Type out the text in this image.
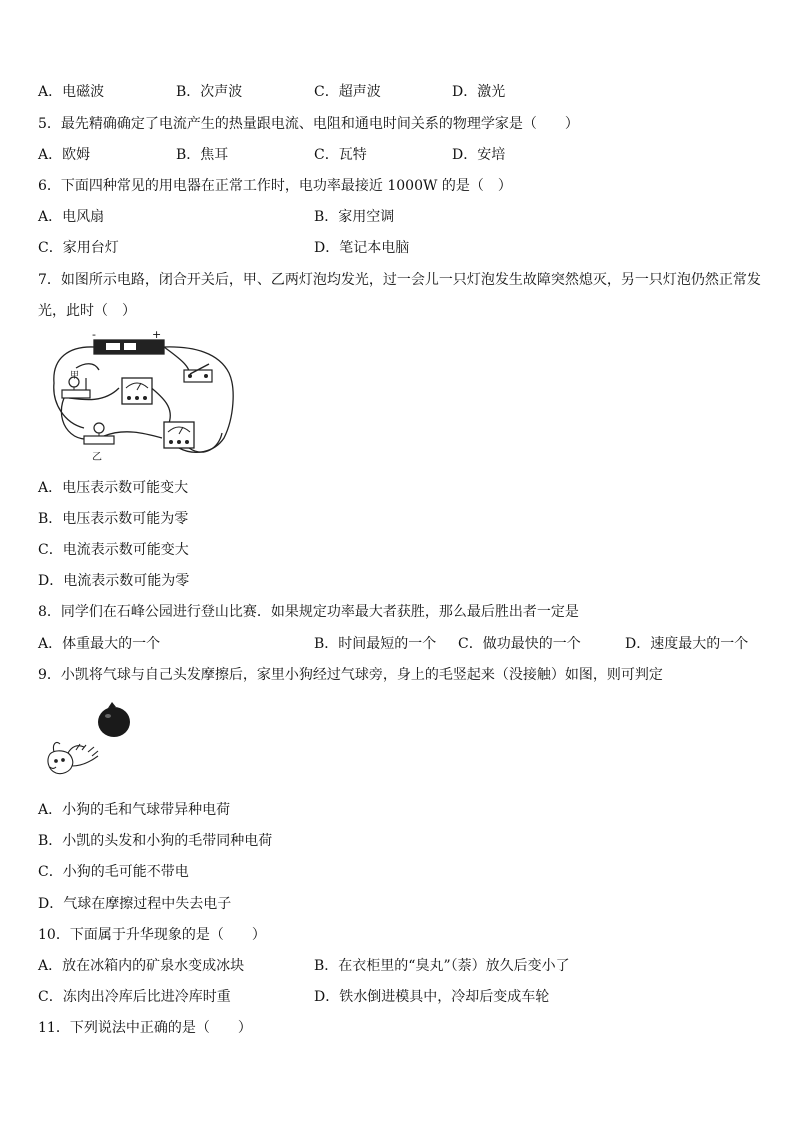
A．电磁波	B．次声波	C．超声波	D．激光
5．最先精确确定了电流产生的热量跟电流、电阻和通电时间关系的物理学家是（　　）
A．欧姆	B．焦耳	C．瓦特	D．安培
6．下面四种常见的用电器在正常工作时，电功率最接近 1000W 的是（　）
A．电风扇	B．家用空调
C．家用台灯	D．笔记本电脑
7．如图所示电路，闭合开关后，甲、乙两灯泡均发光，过一会儿一只灯泡发生故障突然熄灭，另一只灯泡仍然正常发
光，此时（　）
-	+
甲
乙
A．电压表示数可能变大
B．电压表示数可能为零
C．电流表示数可能变大
D．电流表示数可能为零
8．同学们在石峰公园进行登山比赛．如果规定功率最大者获胜，那么最后胜出者一定是
A．体重最大的一个	B．时间最短的一个 C．做功最快的一个	D．速度最大的一个
9．小凯将气球与自己头发摩擦后，家里小狗经过气球旁，身上的毛竖起来（没接触）如图，则可判定
A．小狗的毛和气球带异种电荷
B．小凯的头发和小狗的毛带同种电荷
C．小狗的毛可能不带电
D．气球在摩擦过程中失去电子
10．下面属于升华现象的是（　　）
A．放在冰箱内的矿泉水变成冰块	B．在衣柜里的“臭丸”（萘）放久后变小了
C．冻肉出冷库后比进冷库时重	D．铁水倒进模具中，冷却后变成车轮
11．下列说法中正确的是（　　）
